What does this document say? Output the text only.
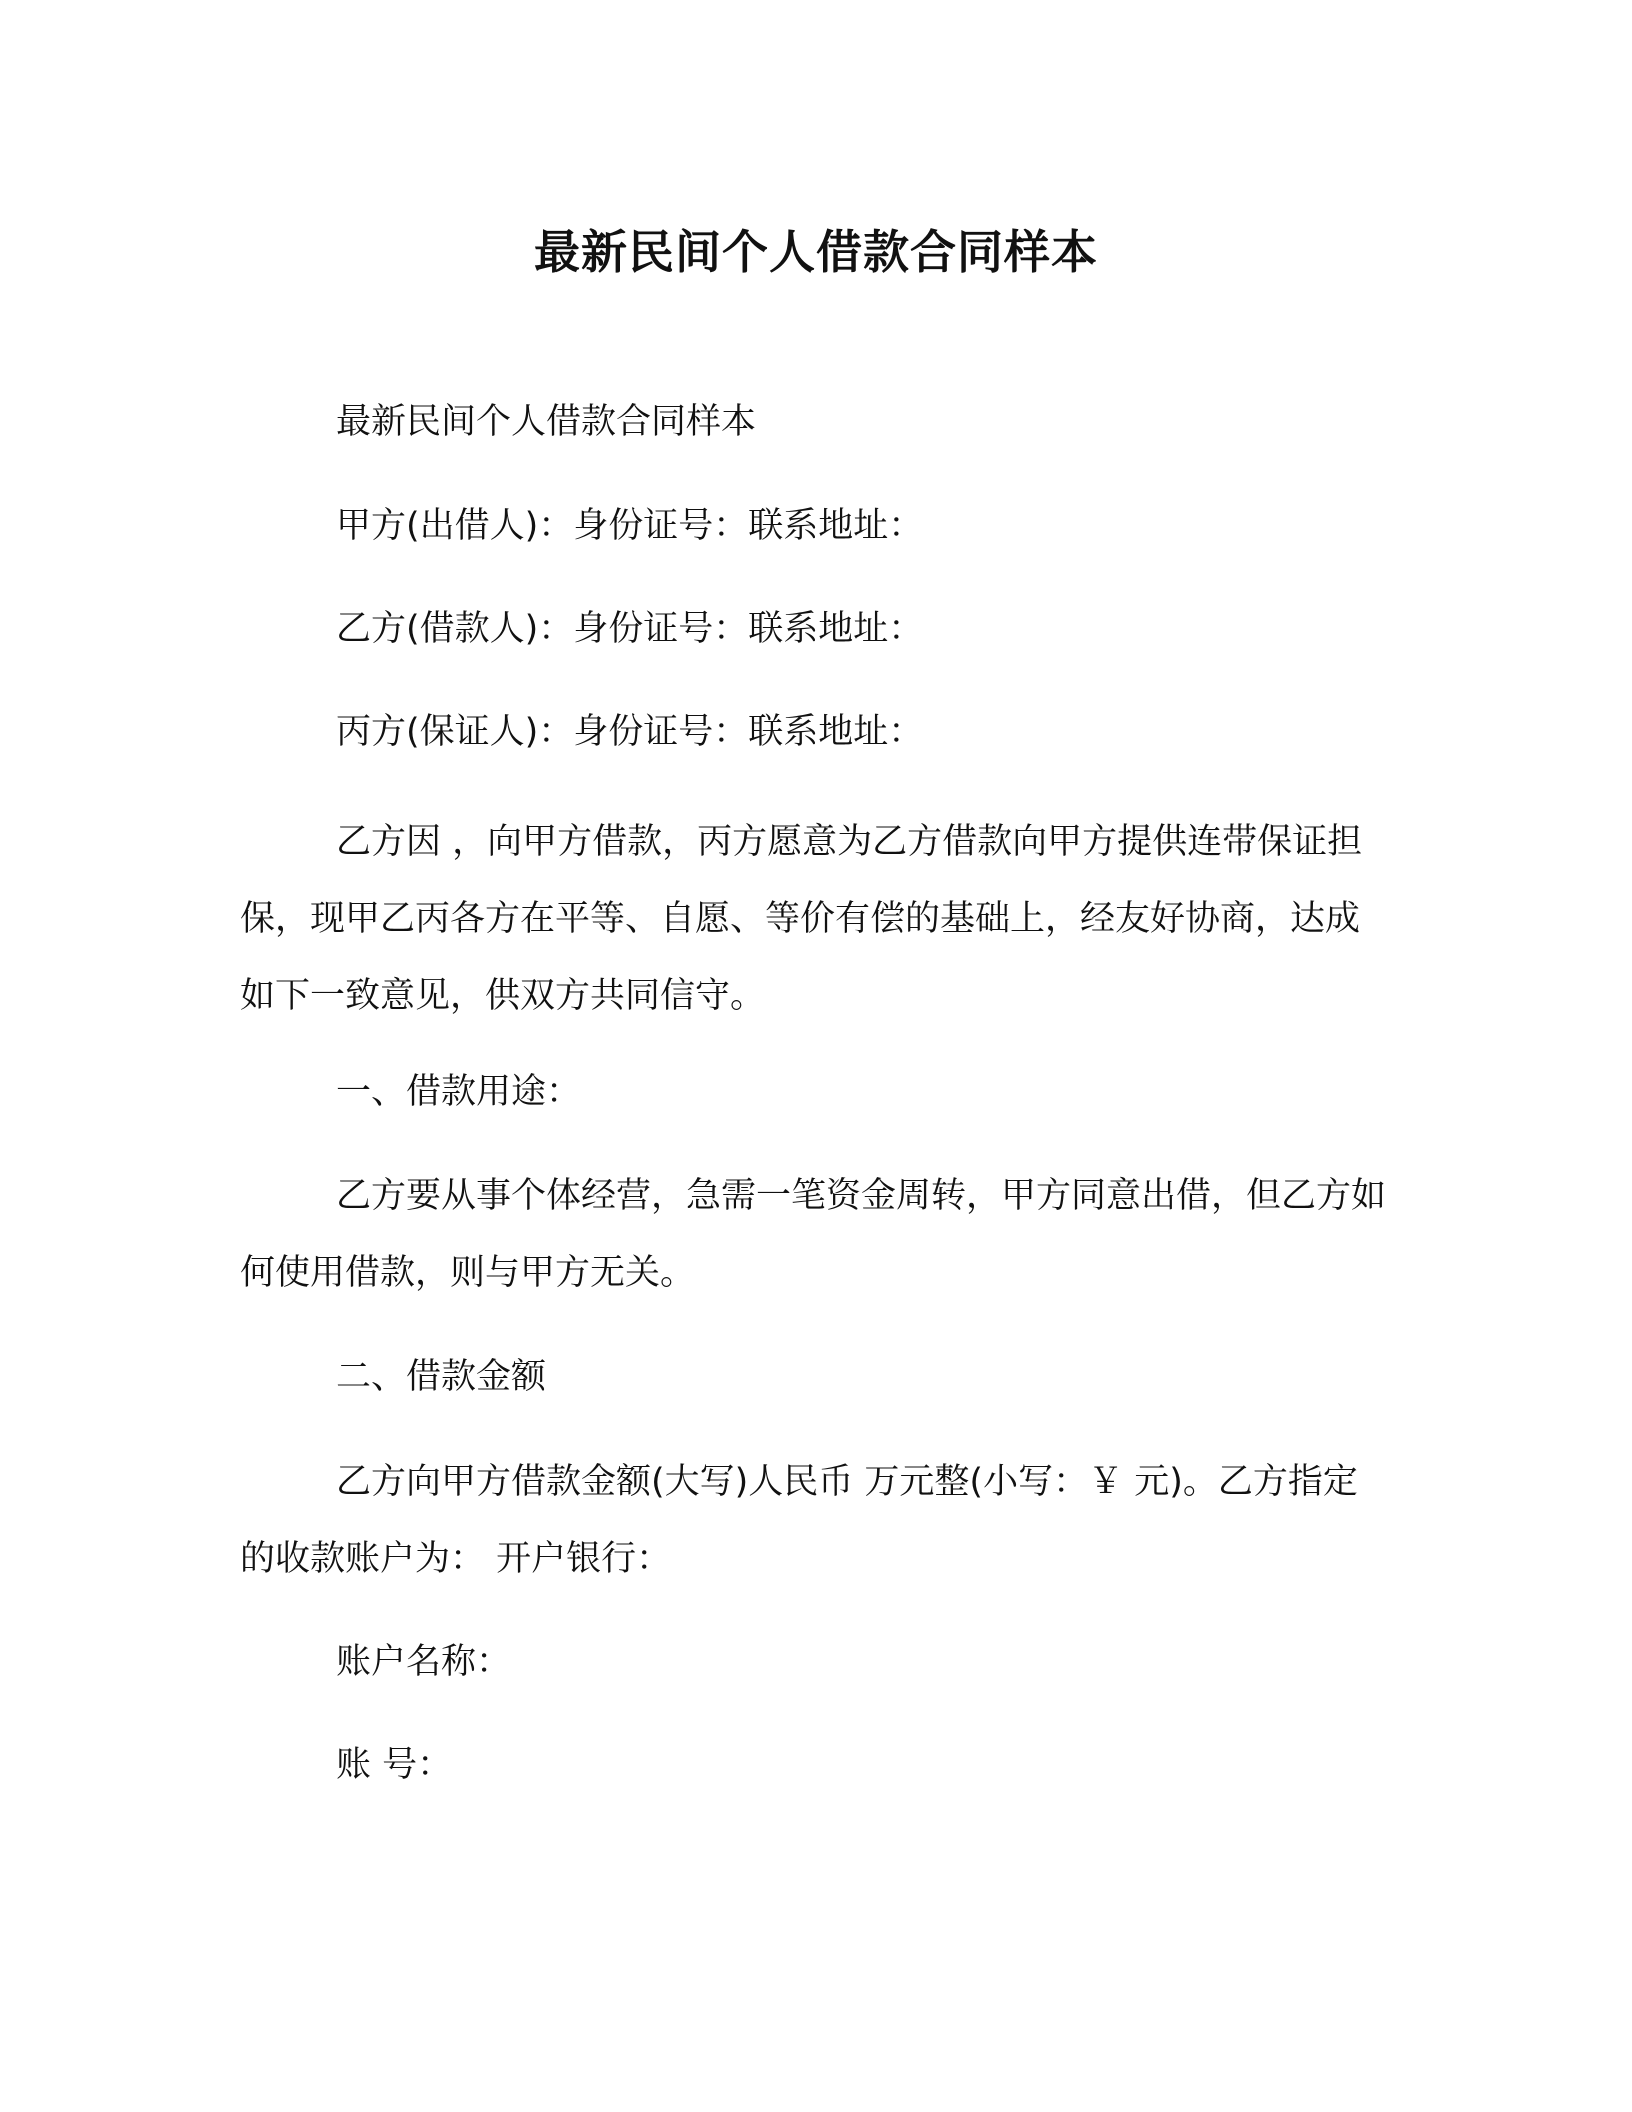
最新民间个人借款合同样本

最新民间个人借款合同样本

甲方(出借人)：身份证号：联系地址：

乙方(借款人)：身份证号：联系地址：

丙方(保证人)：身份证号：联系地址：

乙方因 ，向甲方借款，丙方愿意为乙方借款向甲方提供连带保证担保，现甲乙丙各方在平等、自愿、等价有偿的基础上，经友好协商，达成如下一致意见，供双方共同信守。

一、借款用途：

乙方要从事个体经营，急需一笔资金周转，甲方同意出借，但乙方如何使用借款，则与甲方无关。

二、借款金额

乙方向甲方借款金额(大写)人民币 万元整(小写：￥ 元)。乙方指定的收款账户为： 开户银行：

账户名称：

账 号：
